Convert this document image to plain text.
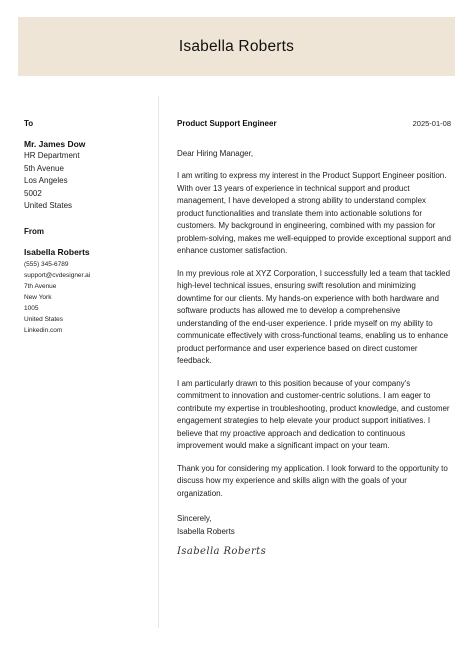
Isabella Roberts
To
Mr. James Dow
HR Department
5th Avenue
Los Angeles
5002
United States
From
Isabella Roberts
(555) 345-6789
support@cvdesigner.ai
7th Avenue
New York
1005
United States
Linkedin.com
Product Support Engineer	2025-01-08
Dear Hiring Manager,

I am writing to express my interest in the Product Support Engineer position. With over 13 years of experience in technical support and product management, I have developed a strong ability to understand complex product functionalities and translate them into actionable solutions for customers. My background in engineering, combined with my passion for problem-solving, makes me well-equipped to provide exceptional support and enhance customer satisfaction.

In my previous role at XYZ Corporation, I successfully led a team that tackled high-level technical issues, ensuring swift resolution and minimizing downtime for our clients. My hands-on experience with both hardware and software products has allowed me to develop a comprehensive understanding of the end-user experience. I pride myself on my ability to communicate effectively with cross-functional teams, enabling us to enhance product performance and user experience based on direct customer feedback.

I am particularly drawn to this position because of your company's commitment to innovation and customer-centric solutions. I am eager to contribute my expertise in troubleshooting, product knowledge, and customer engagement strategies to help elevate your product support initiatives. I believe that my proactive approach and dedication to continuous improvement would make a significant impact on your team.

Thank you for considering my application. I look forward to the opportunity to discuss how my experience and skills align with the goals of your organization.

Sincerely,
Isabella Roberts
Isabella Roberts
